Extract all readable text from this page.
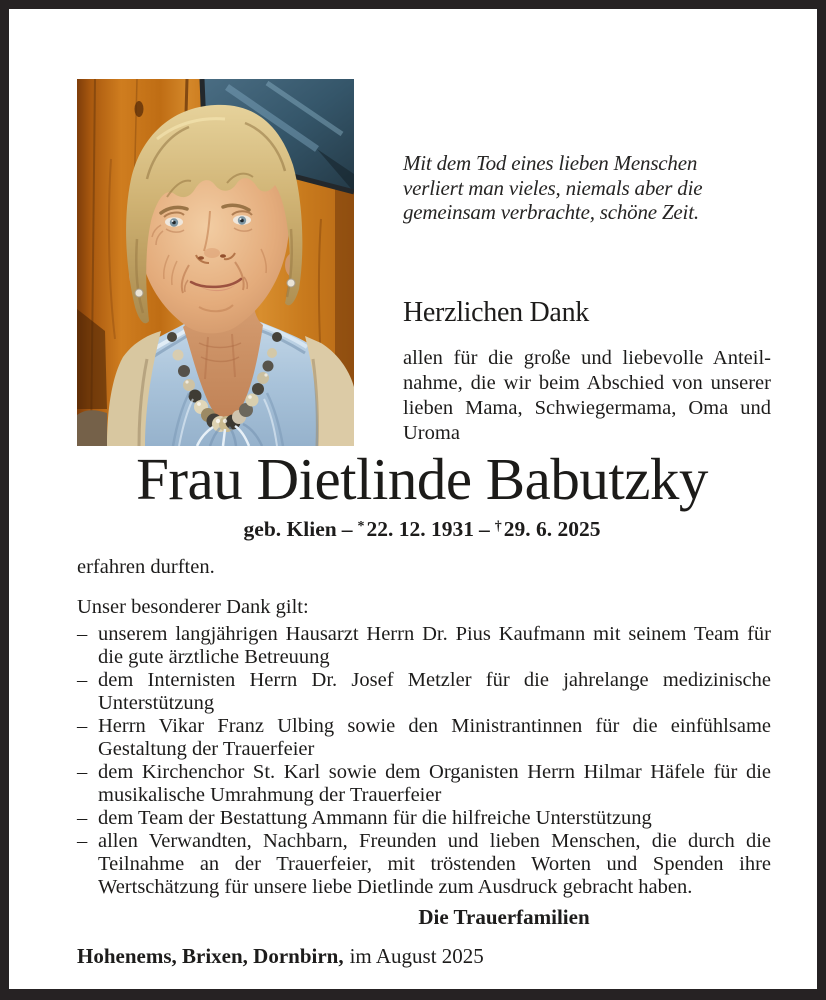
Mit dem Tod eines lieben Menschen
verliert man vieles, niemals aber die
gemeinsam verbrachte, schöne Zeit.
Herzlichen Dank

allen für die große und liebevolle Anteilnahme, die wir beim Abschied von unserer lieben Mama, Schwiegermama, Oma und Uroma

Frau Dietlinde Babutzky
geb. Klien – *22. 12. 1931 – †29. 6. 2025

erfahren durften.

Unser besonderer Dank gilt:

– unserem langjährigen Hausarzt Herrn Dr. Pius Kaufmann mit seinem Team für die gute ärztliche Betreuung
– dem Internisten Herrn Dr. Josef Metzler für die jahrelange medizinische Unterstützung
– Herrn Vikar Franz Ulbing sowie den Ministrantinnen für die einfühlsame Gestaltung der Trauerfeier
– dem Kirchenchor St. Karl sowie dem Organisten Herrn Hilmar Häfele für die musikalische Umrahmung der Trauerfeier
– dem Team der Bestattung Ammann für die hilfreiche Unterstützung
– allen Verwandten, Nachbarn, Freunden und lieben Menschen, die durch die Teilnahme an der Trauerfeier, mit tröstenden Worten und Spenden ihre Wertschätzung für unsere liebe Dietlinde zum Ausdruck gebracht haben.

Die Trauerfamilien

Hohenems, Brixen, Dornbirn, im August 2025
